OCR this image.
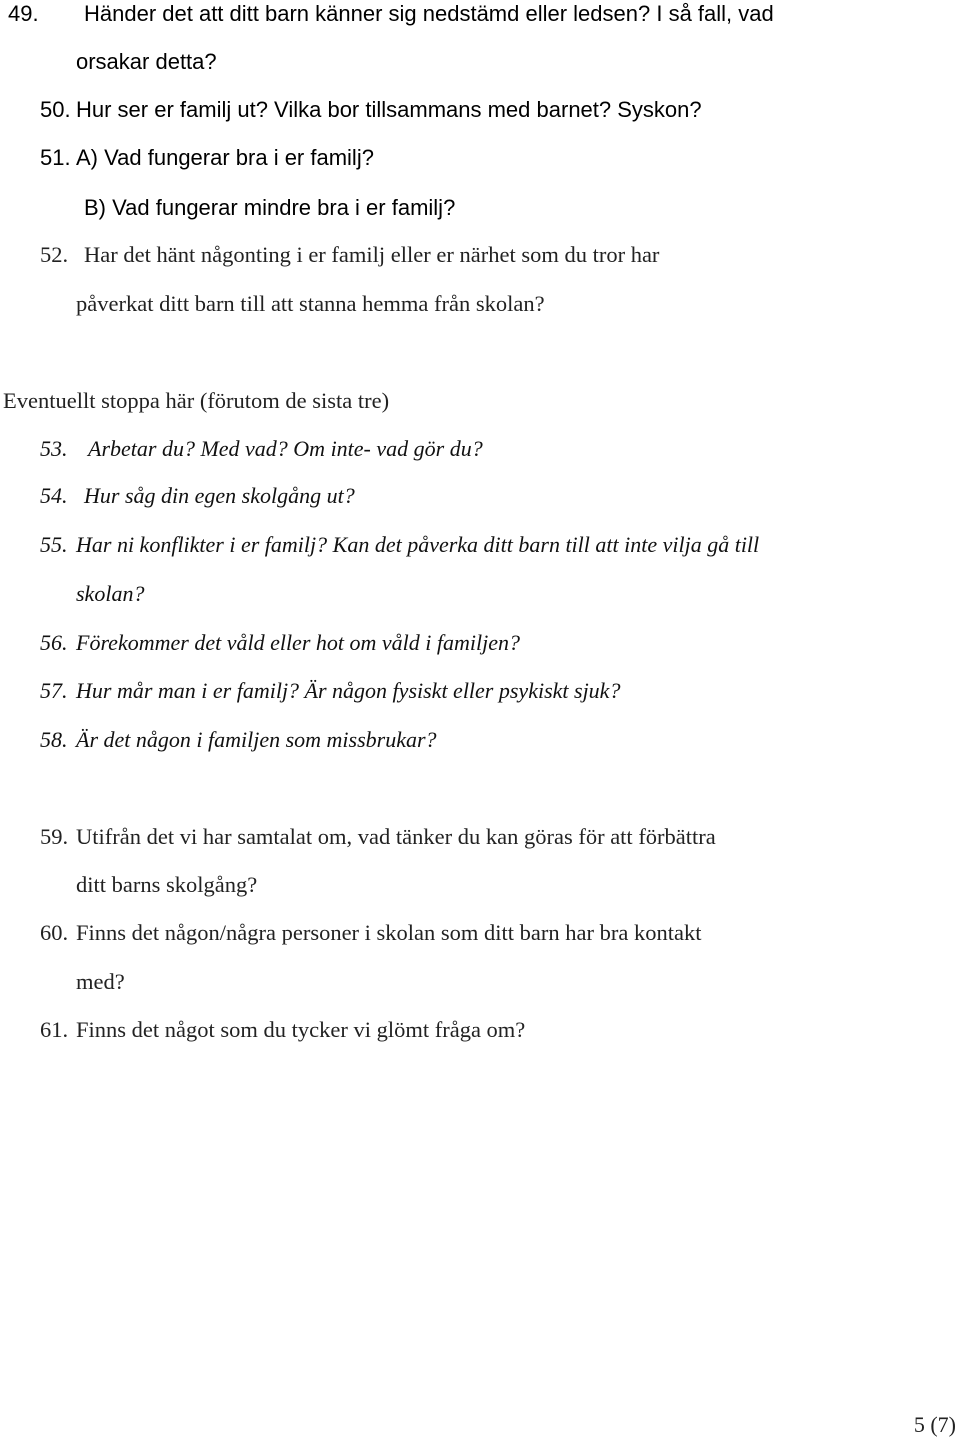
49. Händer det att ditt barn känner sig nedstämd eller ledsen? I så fall, vad
orsakar detta?
50. Hur ser er familj ut? Vilka bor tillsammans med barnet? Syskon?
51. A) Vad fungerar bra i er familj?
B) Vad fungerar mindre bra i er familj?
52. Har det hänt någonting i er familj eller er närhet som du tror har
påverkat ditt barn till att stanna hemma från skolan?
Eventuellt stoppa här (förutom de sista tre)
53. Arbetar du? Med vad? Om inte- vad gör du?
54. Hur såg din egen skolgång ut?
55. Har ni konflikter i er familj? Kan det påverka ditt barn till att inte vilja gå till
skolan?
56. Förekommer det våld eller hot om våld i familjen?
57. Hur mår man i er familj? Är någon fysiskt eller psykiskt sjuk?
58. Är det någon i familjen som missbrukar?
59. Utifrån det vi har samtalat om, vad tänker du kan göras för att förbättra
ditt barns skolgång?
60. Finns det någon/några personer i skolan som ditt barn har bra kontakt
med?
61. Finns det något som du tycker vi glömt fråga om?
5 (7)
